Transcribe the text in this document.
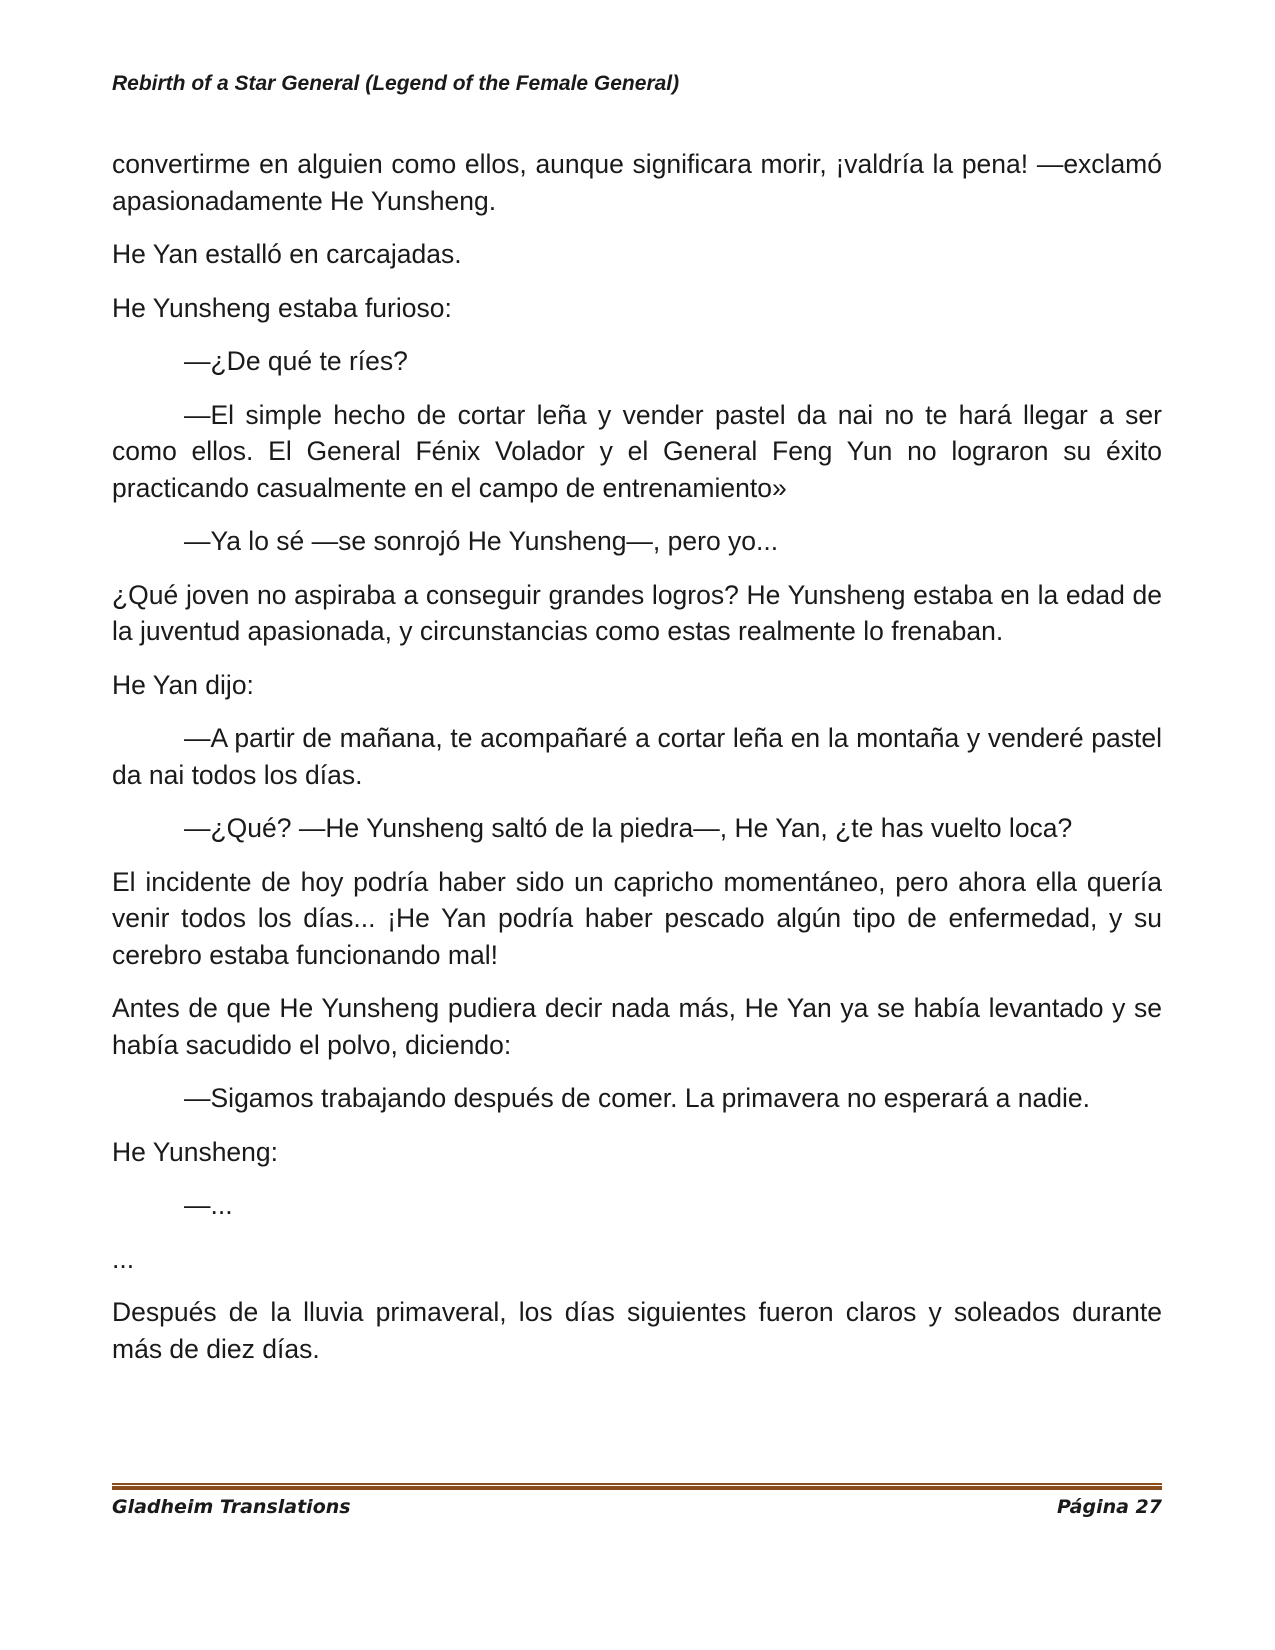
Rebirth of a Star General (Legend of the Female General)

convertirme en alguien como ellos, aunque significara morir, ¡valdría la pena! —exclamó apasionadamente He Yunsheng.

He Yan estalló en carcajadas.

He Yunsheng estaba furioso:

—¿De qué te ríes?

—El simple hecho de cortar leña y vender pastel da nai no te hará llegar a ser como ellos. El General Fénix Volador y el General Feng Yun no lograron su éxito practicando casualmente en el campo de entrenamiento»

—Ya lo sé —se sonrojó He Yunsheng—, pero yo...

¿Qué joven no aspiraba a conseguir grandes logros? He Yunsheng estaba en la edad de la juventud apasionada, y circunstancias como estas realmente lo frenaban.

He Yan dijo:

—A partir de mañana, te acompañaré a cortar leña en la montaña y venderé pastel da nai todos los días.

—¿Qué? —He Yunsheng saltó de la piedra—, He Yan, ¿te has vuelto loca?

El incidente de hoy podría haber sido un capricho momentáneo, pero ahora ella quería venir todos los días... ¡He Yan podría haber pescado algún tipo de enfermedad, y su cerebro estaba funcionando mal!

Antes de que He Yunsheng pudiera decir nada más, He Yan ya se había levantado y se había sacudido el polvo, diciendo:

—Sigamos trabajando después de comer. La primavera no esperará a nadie.

He Yunsheng:

—...

...

Después de la lluvia primaveral, los días siguientes fueron claros y soleados durante más de diez días.

Gladheim Translations	Página 27
